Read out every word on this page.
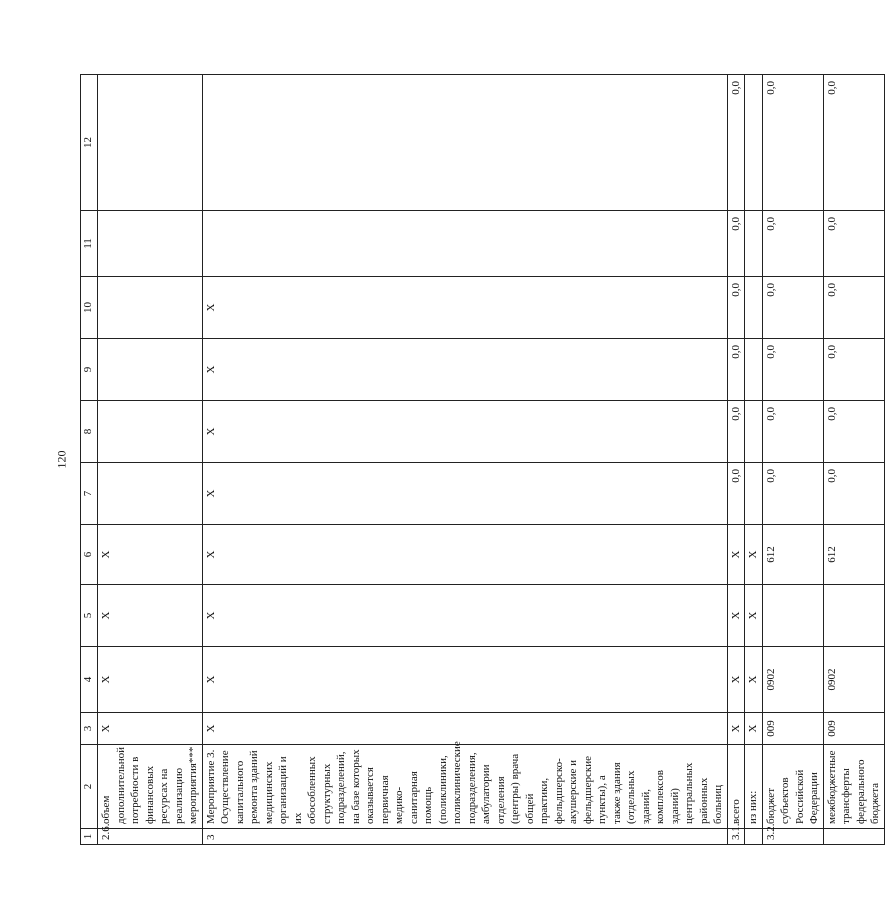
120
1	2	3	4	5	6	7	8	9	10	11	12
2.6.	объем дополнительной потребности в финансовых ресурсах на реализацию мероприятия***	X	X	X	X						
3	Мероприятие 3. Осуществление капитального ремонта зданий медицинских организаций и их обособленных структурных подразделений, на базе которых оказывается первичная медико-санитарная помощь (поликлиники, поликлинические подразделения, амбулатории отделения (центры) врача общей практики, фельдшерско-акушерские и фельдшерские пункты), а также здания (отдельных зданий, комплексов зданий) центральных районных больниц	X	X	X	X	X	X	X	X		
3.1.	всего	X	X	X	X	0,0	0,0	0,0	0,0	0,0	0,0
	из них:	X	X	X	X						
3.2.	бюджет субъектов Российской Федерации	009	0902		612	0,0	0,0	0,0	0,0	0,0	0,0
	межбюджетные трансферты федерального бюджета	009	0902		612	0,0	0,0	0,0	0,0	0,0	0,0
